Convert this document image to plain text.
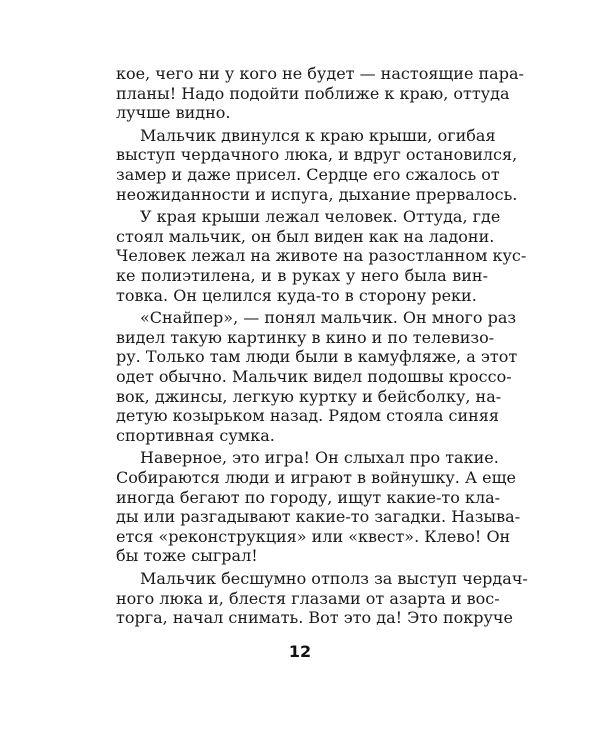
кое, чего ни у кого не будет — настоящие пара-
планы! Надо подойти поближе к краю, оттуда
лучше видно.
Мальчик двинулся к краю крыши, огибая
выступ чердачного люка, и вдруг остановился,
замер и даже присел. Сердце его сжалось от
неожиданности и испуга, дыхание прервалось.
У края крыши лежал человек. Оттуда, где
стоял мальчик, он был виден как на ладони.
Человек лежал на животе на разостланном кус-
ке полиэтилена, и в руках у него была вин-
товка. Он целился куда-то в сторону реки.
«Снайпер», — понял мальчик. Он много раз
видел такую картинку в кино и по телевизо-
ру. Только там люди были в камуфляже, а этот
одет обычно. Мальчик видел подошвы кроссо-
вок, джинсы, легкую куртку и бейсболку, на-
детую козырьком назад. Рядом стояла синяя
спортивная сумка.
Наверное, это игра! Он слыхал про такие.
Собираются люди и играют в войнушку. А еще
иногда бегают по городу, ищут какие-то кла-
ды или разгадывают какие-то загадки. Называ-
ется «реконструкция» или «квест». Клево! Он
бы тоже сыграл!
Мальчик бесшумно отполз за выступ чердач-
ного люка и, блестя глазами от азарта и вос-
торга, начал снимать. Вот это да! Это покруче
12
